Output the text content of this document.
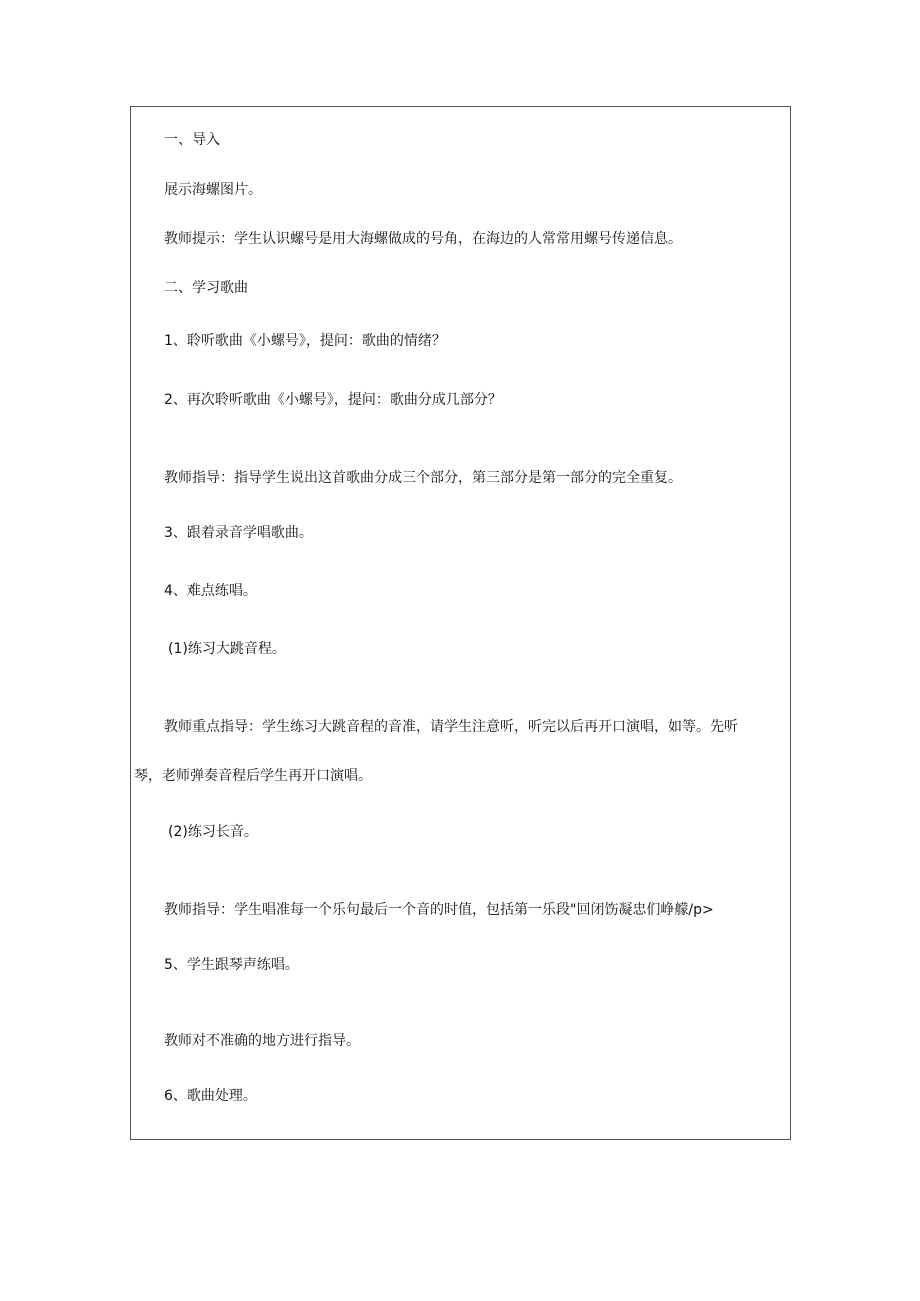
一、导入
展示海螺图片。
教师提示：学生认识螺号是用大海螺做成的号角，在海边的人常常用螺号传递信息。
二、学习歌曲
1、聆听歌曲《小螺号》，提问：歌曲的情绪？
2、再次聆听歌曲《小螺号》，提问：歌曲分成几部分？
教师指导：指导学生说出这首歌曲分成三个部分，第三部分是第一部分的完全重复。
3、跟着录音学唱歌曲。
4、难点练唱。
(1)练习大跳音程。
教师重点指导：学生练习大跳音程的音准，请学生注意听，听完以后再开口演唱，如等。先听
琴，老师弹奏音程后学生再开口演唱。
(2)练习长音。
教师指导：学生唱准每一个乐句最后一个音的时值，包括第一乐段"回闭饬凝忠们峥艨/p>
5、学生跟琴声练唱。
教师对不准确的地方进行指导。
6、歌曲处理。
